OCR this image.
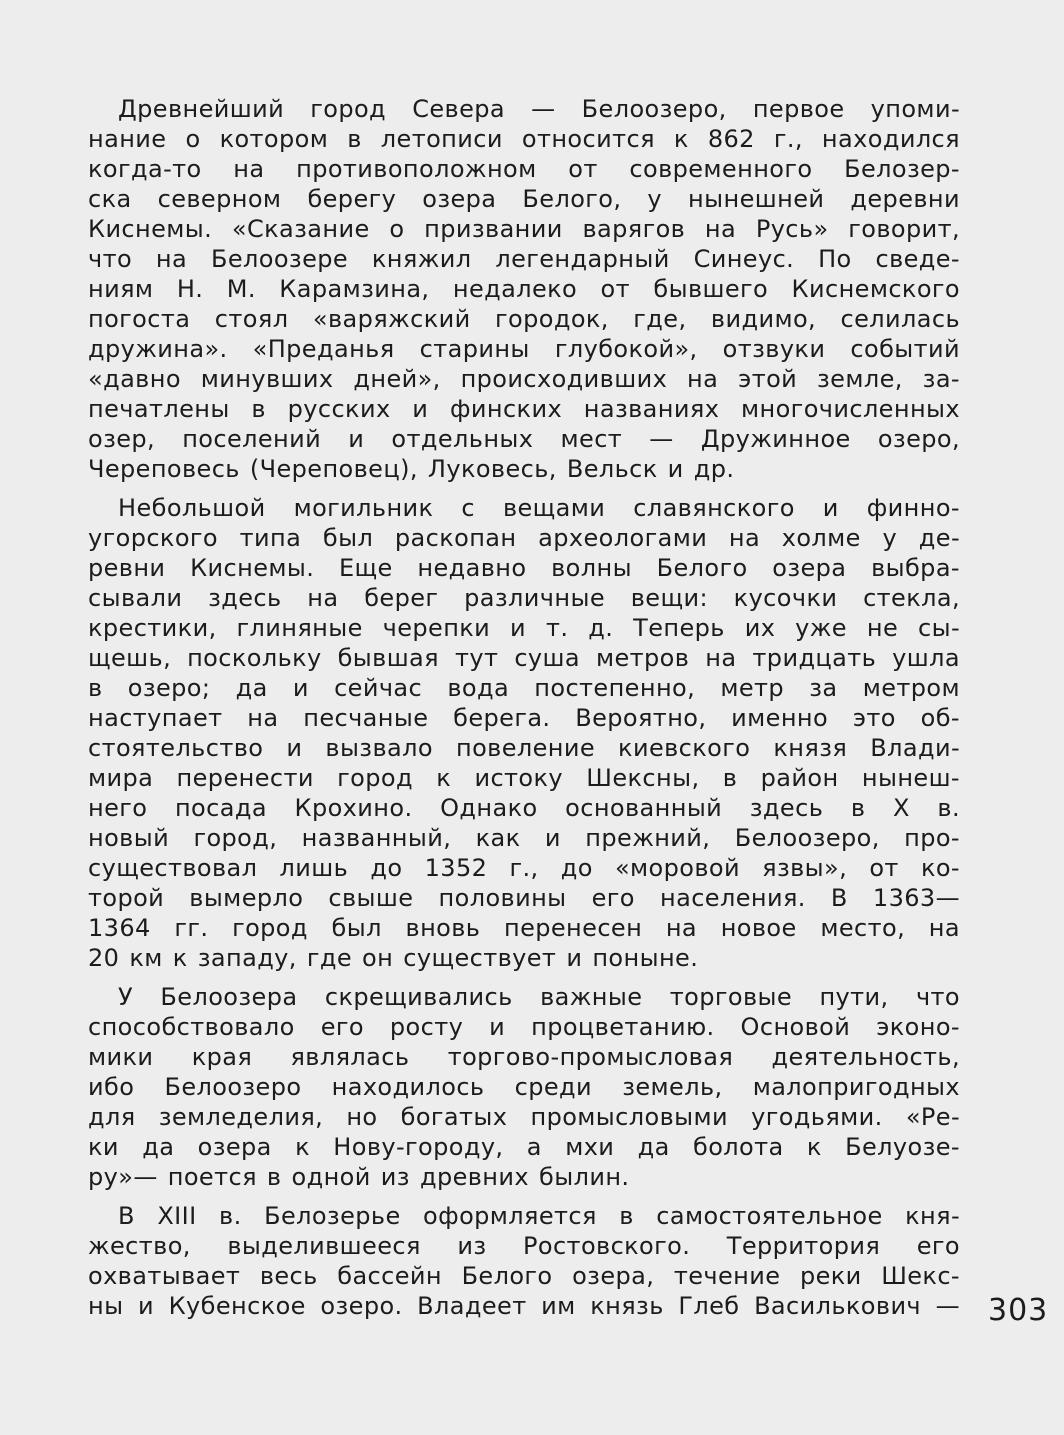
Древнейший город Севера — Белоозеро, первое упоми-
нание о котором в летописи относится к 862 г., находился
когда-то на противоположном от современного Белозер-
ска северном берегу озера Белого, у нынешней деревни
Киснемы. «Сказание о призвании варягов на Русь» говорит,
что на Белоозере княжил легендарный Синеус. По сведе-
ниям Н. М. Карамзина, недалеко от бывшего Киснемского
погоста стоял «варяжский городок, где, видимо, селилась
дружина». «Преданья старины глубокой», отзвуки событий
«давно минувших дней», происходивших на этой земле, за-
печатлены в русских и финских названиях многочисленных
озер, поселений и отдельных мест — Дружинное озеро,
Череповесь (Череповец), Луковесь, Вельск и др.
Небольшой могильник с вещами славянского и финно-
угорского типа был раскопан археологами на холме у де-
ревни Киснемы. Еще недавно волны Белого озера выбра-
сывали здесь на берег различные вещи: кусочки стекла,
крестики, глиняные черепки и т. д. Теперь их уже не сы-
щешь, поскольку бывшая тут суша метров на тридцать ушла
в озеро; да и сейчас вода постепенно, метр за метром
наступает на песчаные берега. Вероятно, именно это об-
стоятельство и вызвало повеление киевского князя Влади-
мира перенести город к истоку Шексны, в район нынеш-
него посада Крохино. Однако основанный здесь в X в.
новый город, названный, как и прежний, Белоозеро, про-
существовал лишь до 1352 г., до «моровой язвы», от ко-
торой вымерло свыше половины его населения. В 1363—
1364 гг. город был вновь перенесен на новое место, на
20 км к западу, где он существует и поныне.
У Белоозера скрещивались важные торговые пути, что
способствовало его росту и процветанию. Основой эконо-
мики края являлась торгово-промысловая деятельность,
ибо Белоозеро находилось среди земель, малопригодных
для земледелия, но богатых промысловыми угодьями. «Ре-
ки да озера к Нову-городу, а мхи да болота к Белуозе-
ру»— поется в одной из древних былин.
В XIII в. Белозерье оформляется в самостоятельное кня-
жество, выделившееся из Ростовского. Территория его
охватывает весь бассейн Белого озера, течение реки Шекс-
ны и Кубенское озеро. Владеет им князь Глеб Василькович — 303
